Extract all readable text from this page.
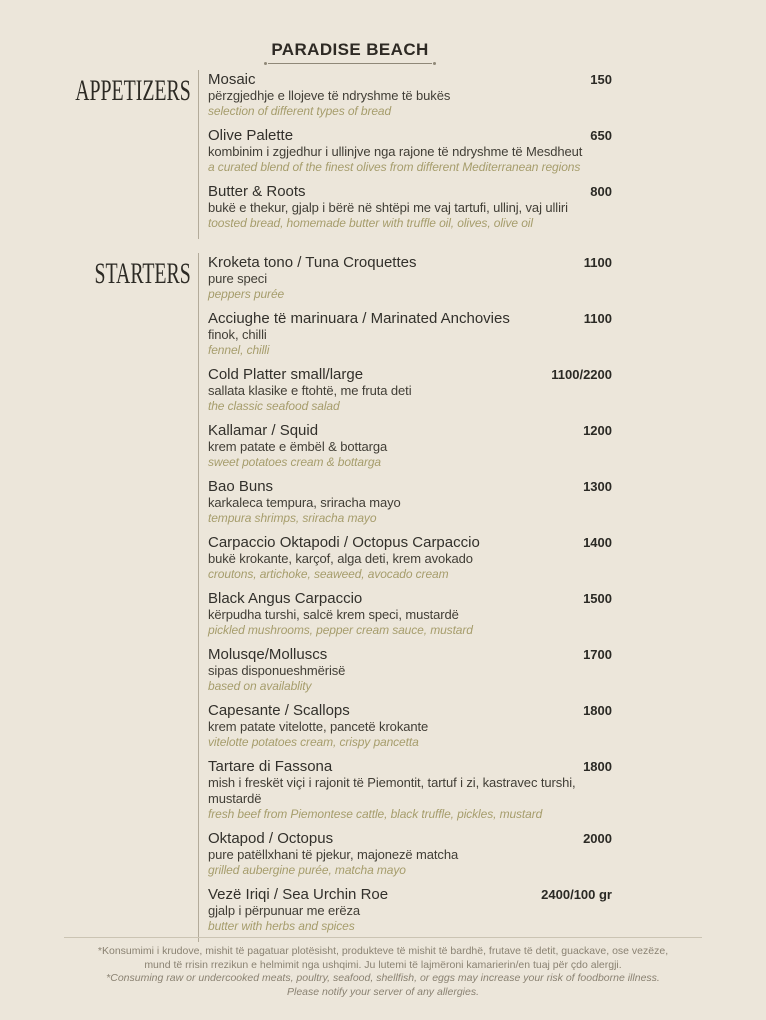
PARADISE BEACH
APPETIZERS	Mosaic	150
përzgjedhje e llojeve të ndryshme të bukës
selection of different types of bread
Olive Palette	650
kombinim i zgjedhur i ullinjve nga rajone të ndryshme të Mesdheut
a curated blend of the finest olives from different Mediterranean regions
Butter & Roots	800
bukë e thekur, gjalp i bërë në shtëpi me vaj tartufi, ullinj, vaj ulliri
toosted bread, homemade butter with truffle oil, olives, olive oil
STARTERS	Kroketa tono / Tuna Croquettes	1100
pure speci
peppers purée
Acciughe të marinuara / Marinated Anchovies	1100
finok, chilli
fennel, chilli
Cold Platter small/large	1100/2200
sallata klasike e ftohtë, me fruta deti
the classic seafood salad
Kallamar / Squid	1200
krem patate e ëmbël & bottarga
sweet potatoes cream & bottarga
Bao Buns	1300
karkaleca tempura, sriracha mayo
tempura shrimps, sriracha mayo
Carpaccio Oktapodi / Octopus Carpaccio	1400
bukë krokante, karçof, alga deti, krem avokado
croutons, artichoke, seaweed, avocado cream
Black Angus Carpaccio	1500
kërpudha turshi, salcë krem speci, mustardë
pickled mushrooms, pepper cream sauce, mustard
Molusqe/Molluscs	1700
sipas disponueshmërisë
based on availablity
Capesante / Scallops	1800
krem patate vitelotte, pancetë krokante
vitelotte potatoes cream, crispy pancetta
Tartare di Fassona	1800
mish i freskët viçi i rajonit të Piemontit, tartuf i zi, kastravec turshi, mustardë
fresh beef from Piemontese cattle, black truffle, pickles, mustard
Oktapod / Octopus	2000
pure patëllxhani të pjekur, majonezë matcha
grilled aubergine purée, matcha mayo
Vezë Iriqi / Sea Urchin Roe	2400/100 gr
gjalp i përpunuar me erëza
butter with herbs and spices

*Konsumimi i krudove, mishit të pagatuar plotësisht, produkteve të mishit të bardhë, frutave të detit, guackave, ose vezëze,
mund të rrisin rrezikun e helmimit nga ushqimi. Ju lutemi të lajmëroni kamarierin/en tuaj për çdo alergji.

*Consuming raw or undercooked meats, poultry, seafood, shellfish, or eggs may increase your risk of foodborne illness.
Please notify your server of any allergies.
